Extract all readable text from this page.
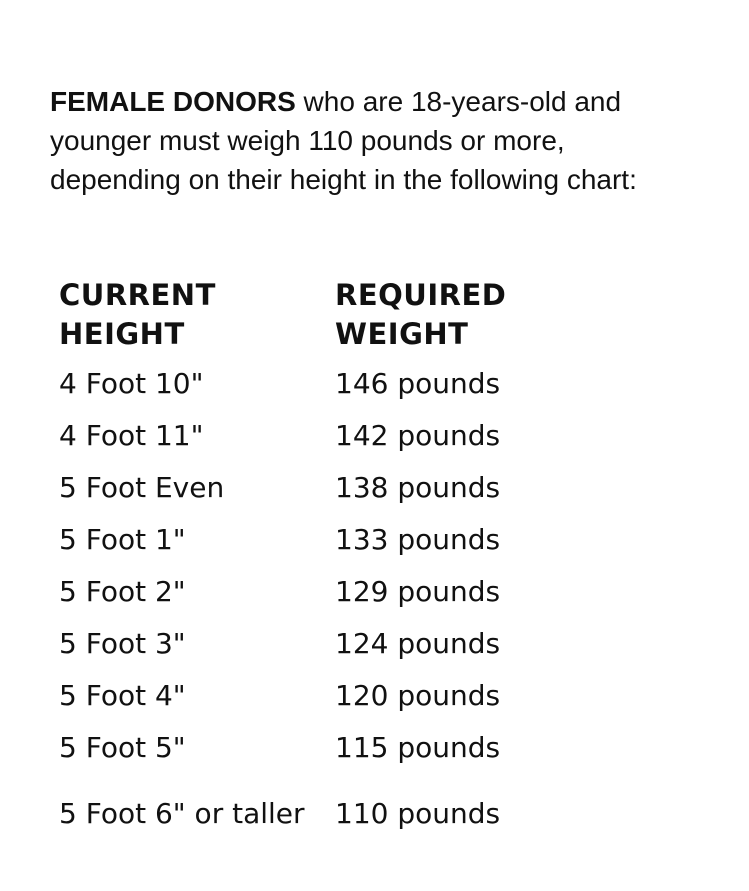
FEMALE DONORS who are 18-years-old and younger must weigh 110 pounds or more, depending on their height in the following chart:

CURRENT HEIGHT	REQUIRED WEIGHT
4 Foot 10"	146 pounds
4 Foot 11"	142 pounds
5 Foot Even	138 pounds
5 Foot 1"	133 pounds
5 Foot 2"	129 pounds
5 Foot 3"	124 pounds
5 Foot 4"	120 pounds
5 Foot 5"	115 pounds
5 Foot 6" or taller	110 pounds
